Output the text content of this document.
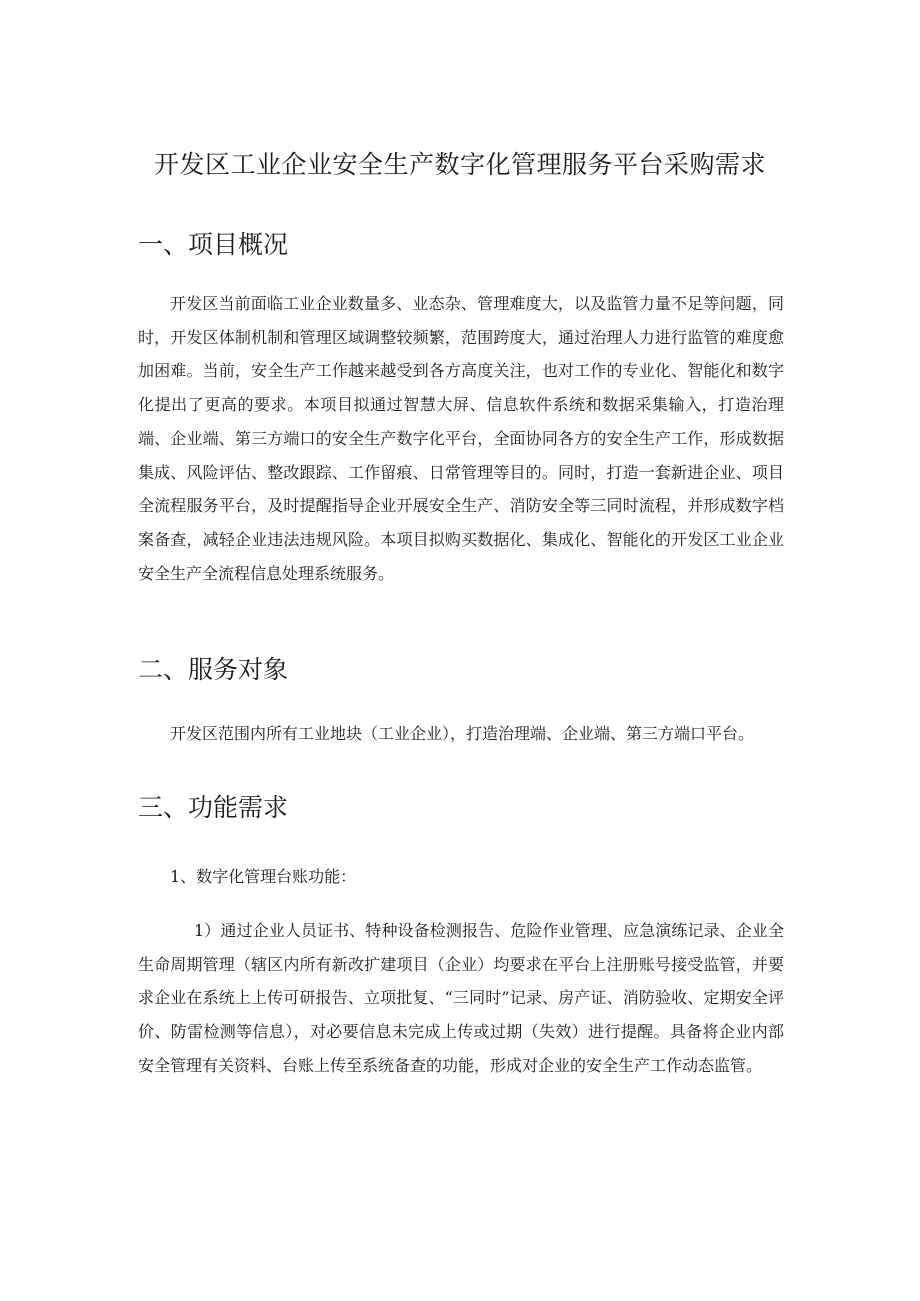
开发区工业企业安全生产数字化管理服务平台采购需求
一、项目概况
开发区当前面临工业企业数量多、业态杂、管理难度大，以及监管力量不足等问题，同时，开发区体制机制和管理区域调整较频繁，范围跨度大，通过治理人力进行监管的难度愈加困难。当前，安全生产工作越来越受到各方高度关注，也对工作的专业化、智能化和数字化提出了更高的要求。本项目拟通过智慧大屏、信息软件系统和数据采集输入，打造治理端、企业端、第三方端口的安全生产数字化平台，全面协同各方的安全生产工作，形成数据集成、风险评估、整改跟踪、工作留痕、日常管理等目的。同时，打造一套新进企业、项目全流程服务平台，及时提醒指导企业开展安全生产、消防安全等三同时流程，并形成数字档案备查，减轻企业违法违规风险。本项目拟购买数据化、集成化、智能化的开发区工业企业安全生产全流程信息处理系统服务。
二、服务对象
开发区范围内所有工业地块（工业企业），打造治理端、企业端、第三方端口平台。
三、功能需求
1、数字化管理台账功能：
1）通过企业人员证书、特种设备检测报告、危险作业管理、应急演练记录、企业全生命周期管理（辖区内所有新改扩建项目（企业）均要求在平台上注册账号接受监管，并要求企业在系统上上传可研报告、立项批复、“三同时”记录、房产证、消防验收、定期安全评价、防雷检测等信息），对必要信息未完成上传或过期（失效）进行提醒。具备将企业内部安全管理有关资料、台账上传至系统备查的功能，形成对企业的安全生产工作动态监管。
